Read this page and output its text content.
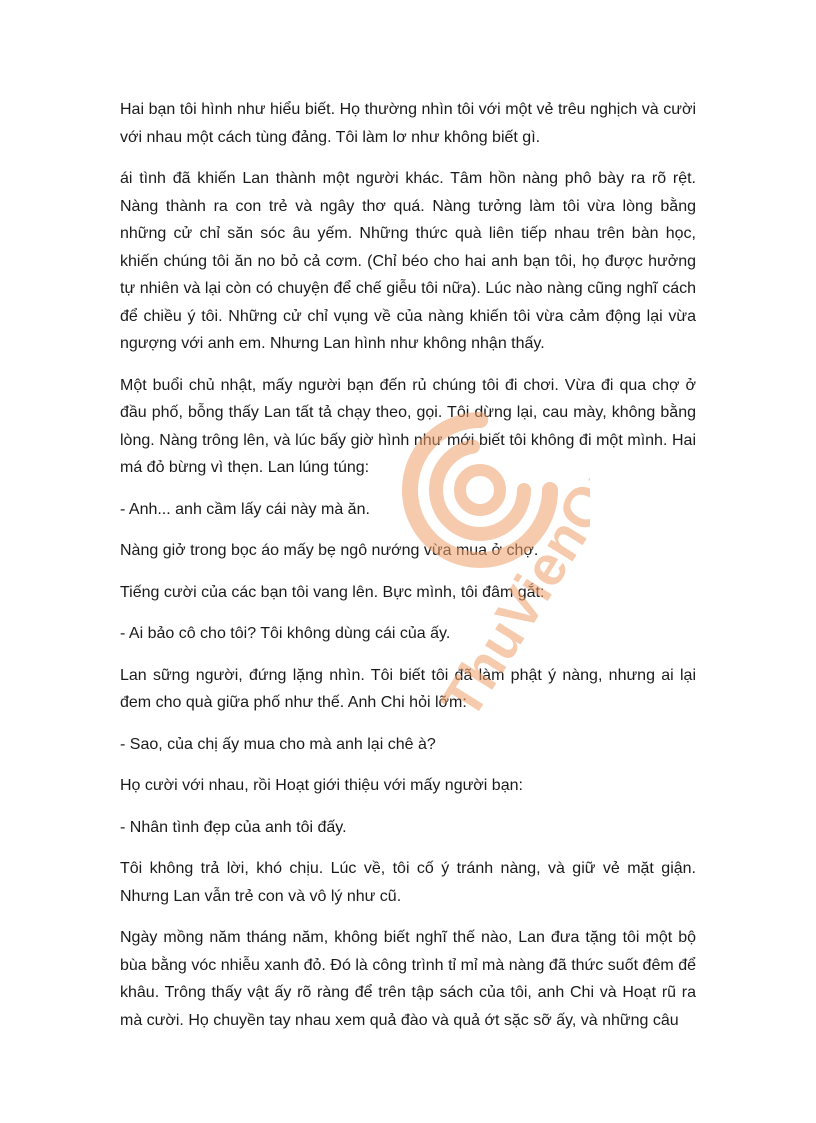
Hai bạn tôi hình như hiểu biết. Họ thường nhìn tôi với một vẻ trêu nghịch và cười với nhau một cách tùng đảng. Tôi làm lơ như không biết gì.

ái tình đã khiến Lan thành một người khác. Tâm hồn nàng phô bày ra rõ rệt. Nàng thành ra con trẻ và ngây thơ quá. Nàng tưởng làm tôi vừa lòng bằng những cử chỉ săn sóc âu yếm. Những thức quà liên tiếp nhau trên bàn học, khiến chúng tôi ăn no bỏ cả cơm. (Chỉ béo cho hai anh bạn tôi, họ được hưởng tự nhiên và lại còn có chuyện để chế giễu tôi nữa). Lúc nào nàng cũng nghĩ cách để chiều ý tôi. Những cử chỉ vụng về của nàng khiến tôi vừa cảm động lại vừa ngượng với anh em. Nhưng Lan hình như không nhận thấy.

Một buổi chủ nhật, mấy người bạn đến rủ chúng tôi đi chơi. Vừa đi qua chợ ở đầu phố, bỗng thấy Lan tất tả chạy theo, gọi. Tôi dừng lại, cau mày, không bằng lòng. Nàng trông lên, và lúc bấy giờ hình như mới biết tôi không đi một mình. Hai má đỏ bừng vì thẹn. Lan lúng túng:

- Anh... anh cầm lấy cái này mà ăn.

Nàng giở trong bọc áo mấy bẹ ngô nướng vừa mua ở chợ.

Tiếng cười của các bạn tôi vang lên. Bực mình, tôi đâm gắt:

- Ai bảo cô cho tôi? Tôi không dùng cái của ấy.

Lan sững người, đứng lặng nhìn. Tôi biết tôi đã làm phật ý nàng, nhưng ai lại đem cho quà giữa phố như thế. Anh Chi hỏi lỡm:

- Sao, của chị ấy mua cho mà anh lại chê à?

Họ cười với nhau, rồi Hoạt giới thiệu với mấy người bạn:

- Nhân tình đẹp của anh tôi đấy.

Tôi không trả lời, khó chịu. Lúc về, tôi cố ý tránh nàng, và giữ vẻ mặt giận. Nhưng Lan vẫn trẻ con và vô lý như cũ.

Ngày mồng năm tháng năm, không biết nghĩ thế nào, Lan đưa tặng tôi một bộ bùa bằng vóc nhiễu xanh đỏ. Đó là công trình tỉ mỉ mà nàng đã thức suốt đêm để khâu. Trông thấy vật ấy rõ ràng để trên tập sách của tôi, anh Chi và Hoạt rũ ra mà cười. Họ chuyền tay nhau xem quả đào và quả ớt sặc sỡ ấy, và những câu

ThuVienOnline
